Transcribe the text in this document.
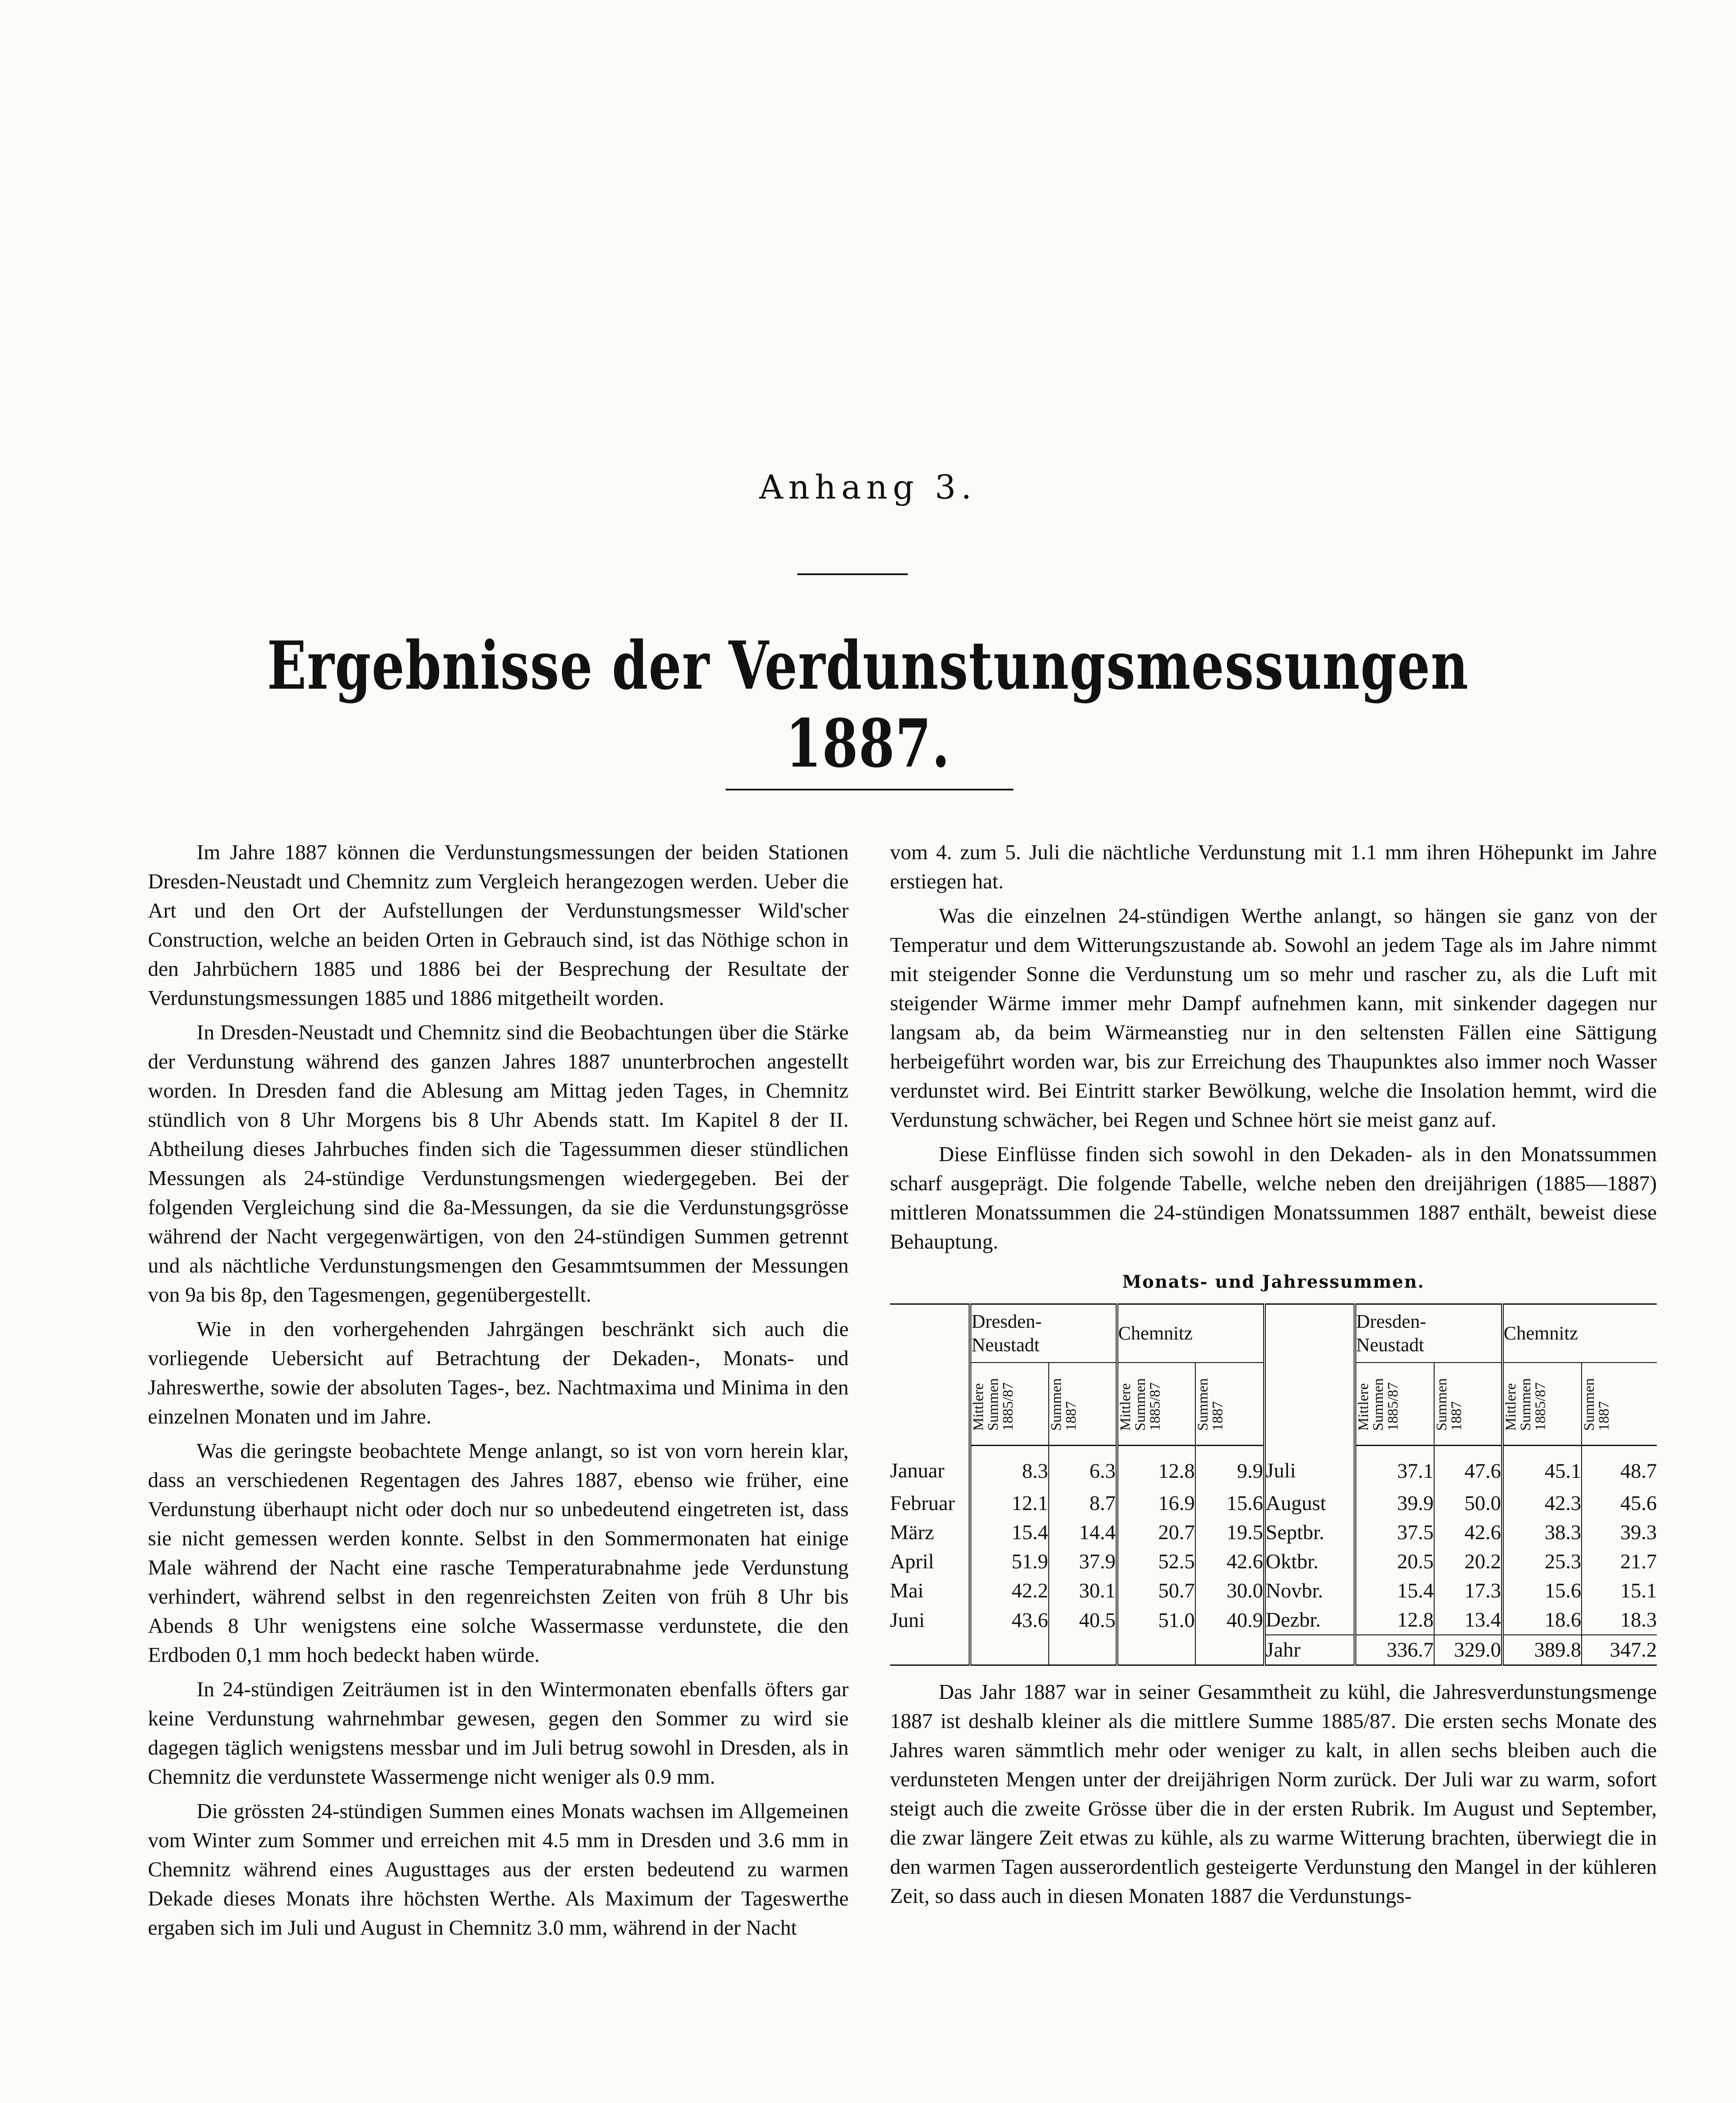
Anhang 3.
Ergebnisse der Verdunstungsmessungen 1887.

Im Jahre 1887 können die Verdunstungsmessungen der beiden Stationen Dresden-Neustadt und Chemnitz zum Vergleich herangezogen werden. Ueber die Art und den Ort der Aufstellungen der Verdunstungsmesser Wild'scher Construction, welche an beiden Orten in Gebrauch sind, ist das Nöthige schon in den Jahrbüchern 1885 und 1886 bei der Besprechung der Resultate der Verdunstungsmessungen 1885 und 1886 mitgetheilt worden.

In Dresden-Neustadt und Chemnitz sind die Beobachtungen über die Stärke der Verdunstung während des ganzen Jahres 1887 ununterbrochen angestellt worden. In Dresden fand die Ablesung am Mittag jeden Tages, in Chemnitz stündlich von 8 Uhr Morgens bis 8 Uhr Abends statt. Im Kapitel 8 der II. Abtheilung dieses Jahrbuches finden sich die Tagessummen dieser stündlichen Messungen als 24-stündige Verdunstungsmengen wiedergegeben. Bei der folgenden Vergleichung sind die 8a-Messungen, da sie die Verdunstungsgrösse während der Nacht vergegenwärtigen, von den 24-stündigen Summen getrennt und als nächtliche Verdunstungsmengen den Gesammtsummen der Messungen von 9a bis 8p, den Tagesmengen, gegenübergestellt.

Wie in den vorhergehenden Jahrgängen beschränkt sich auch die vorliegende Uebersicht auf Betrachtung der Dekaden-, Monats- und Jahreswerthe, sowie der absoluten Tages-, bez. Nachtmaxima und Minima in den einzelnen Monaten und im Jahre.

Was die geringste beobachtete Menge anlangt, so ist von vorn herein klar, dass an verschiedenen Regentagen des Jahres 1887, ebenso wie früher, eine Verdunstung überhaupt nicht oder doch nur so unbedeutend eingetreten ist, dass sie nicht gemessen werden konnte. Selbst in den Sommermonaten hat einige Male während der Nacht eine rasche Temperaturabnahme jede Verdunstung verhindert, während selbst in den regenreichsten Zeiten von früh 8 Uhr bis Abends 8 Uhr wenigstens eine solche Wassermasse verdunstete, die den Erdboden 0,1 mm hoch bedeckt haben würde.

In 24-stündigen Zeiträumen ist in den Wintermonaten ebenfalls öfters gar keine Verdunstung wahrnehmbar gewesen, gegen den Sommer zu wird sie dagegen täglich wenigstens messbar und im Juli betrug sowohl in Dresden, als in Chemnitz die verdunstete Wassermenge nicht weniger als 0.9 mm.

Die grössten 24-stündigen Summen eines Monats wachsen im Allgemeinen vom Winter zum Sommer und erreichen mit 4.5 mm in Dresden und 3.6 mm in Chemnitz während eines Augusttages aus der ersten bedeutend zu warmen Dekade dieses Monats ihre höchsten Werthe. Als Maximum der Tageswerthe ergaben sich im Juli und August in Chemnitz 3.0 mm, während in der Nacht

vom 4. zum 5. Juli die nächtliche Verdunstung mit 1.1 mm ihren Höhepunkt im Jahre erstiegen hat.

Was die einzelnen 24-stündigen Werthe anlangt, so hängen sie ganz von der Temperatur und dem Witterungszustande ab. Sowohl an jedem Tage als im Jahre nimmt mit steigender Sonne die Verdunstung um so mehr und rascher zu, als die Luft mit steigender Wärme immer mehr Dampf aufnehmen kann, mit sinkender dagegen nur langsam ab, da beim Wärmeanstieg nur in den seltensten Fällen eine Sättigung herbeigeführt worden war, bis zur Erreichung des Thaupunktes also immer noch Wasser verdunstet wird. Bei Eintritt starker Bewölkung, welche die Insolation hemmt, wird die Verdunstung schwächer, bei Regen und Schnee hört sie meist ganz auf.

Diese Einflüsse finden sich sowohl in den Dekaden- als in den Monatssummen scharf ausgeprägt. Die folgende Tabelle, welche neben den dreijährigen (1885—1887) mittleren Monatssummen die 24-stündigen Monatssummen 1887 enthält, beweist diese Behauptung.

Monats- und Jahressummen.
	Dresden-
Neustadt		Chemnitz			Dresden-
Neustadt		Chemnitz	
	Mittlere
Summen
1885/87	Summen
1887	Mittlere
Summen
1885/87	Summen
1887		Mittlere
Summen
1885/87	Summen
1887	Mittlere
Summen
1885/87	Summen
1887
Januar	8.3	6.3	12.8	9.9	Juli	37.1	47.6	45.1	48.7
Februar	12.1	8.7	16.9	15.6	August	39.9	50.0	42.3	45.6
März	15.4	14.4	20.7	19.5	Septbr.	37.5	42.6	38.3	39.3
April	51.9	37.9	52.5	42.6	Oktbr.	20.5	20.2	25.3	21.7
Mai	42.2	30.1	50.7	30.0	Novbr.	15.4	17.3	15.6	15.1
Juni	43.6	40.5	51.0	40.9	Dezbr.	12.8	13.4	18.6	18.3
					Jahr	336.7	329.0	389.8	347.2

Das Jahr 1887 war in seiner Gesammtheit zu kühl, die Jahresverdunstungsmenge 1887 ist deshalb kleiner als die mittlere Summe 1885/87. Die ersten sechs Monate des Jahres waren sämmtlich mehr oder weniger zu kalt, in allen sechs bleiben auch die verdunsteten Mengen unter der dreijährigen Norm zurück. Der Juli war zu warm, sofort steigt auch die zweite Grösse über die in der ersten Rubrik. Im August und September, die zwar längere Zeit etwas zu kühle, als zu warme Witterung brachten, überwiegt die in den warmen Tagen ausserordentlich gesteigerte Verdunstung den Mangel in der kühleren Zeit, so dass auch in diesen Monaten 1887 die Verdunstungs-
